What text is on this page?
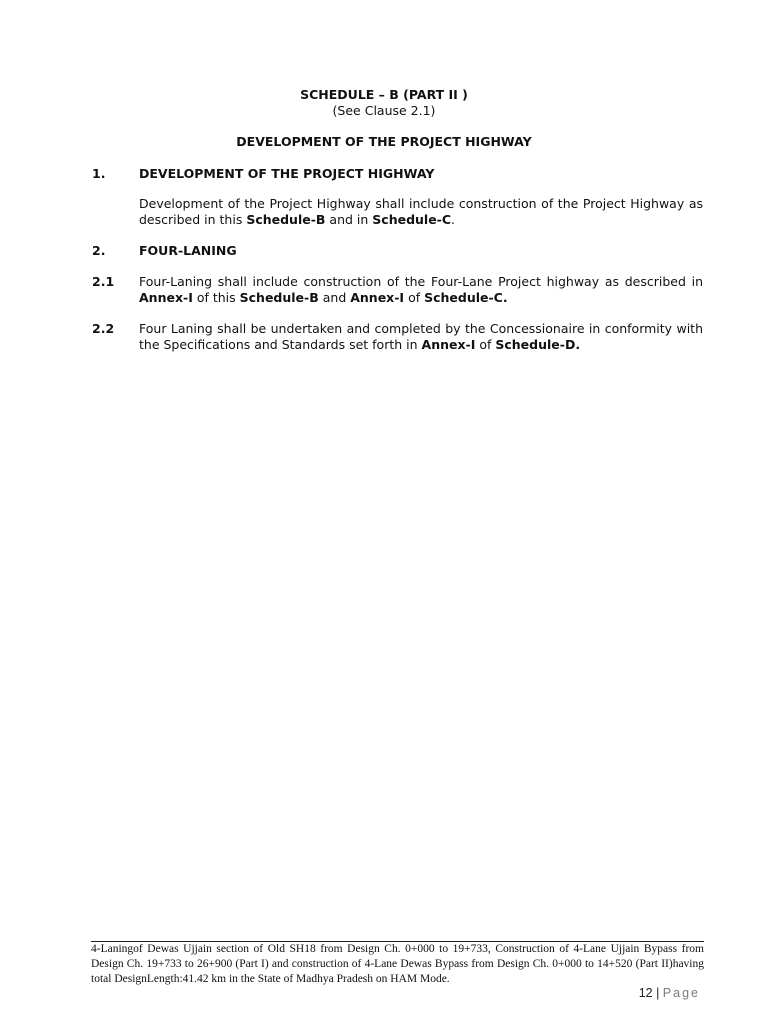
SCHEDULE – B (PART II )
(See Clause 2.1)
DEVELOPMENT OF THE PROJECT HIGHWAY
1.	DEVELOPMENT OF THE PROJECT HIGHWAY
Development of the Project Highway shall include construction of the Project Highway as described in this Schedule-B and in Schedule-C.
2.	FOUR-LANING
2.1 Four-Laning shall include construction of the Four-Lane Project highway as described in Annex-I of this Schedule-B and Annex-I of Schedule-C.
2.2 Four Laning shall be undertaken and completed by the Concessionaire in conformity with the Specifications and Standards set forth in Annex-I of Schedule-D.
4-Laningof Dewas Ujjain section of Old SH18 from Design Ch. 0+000 to 19+733, Construction of 4-Lane Ujjain Bypass from Design Ch. 19+733 to 26+900 (Part I) and construction of 4-Lane Dewas Bypass from Design Ch. 0+000 to 14+520 (Part II)having total DesignLength:41.42 km in the State of Madhya Pradesh on HAM Mode.
12 | Page
